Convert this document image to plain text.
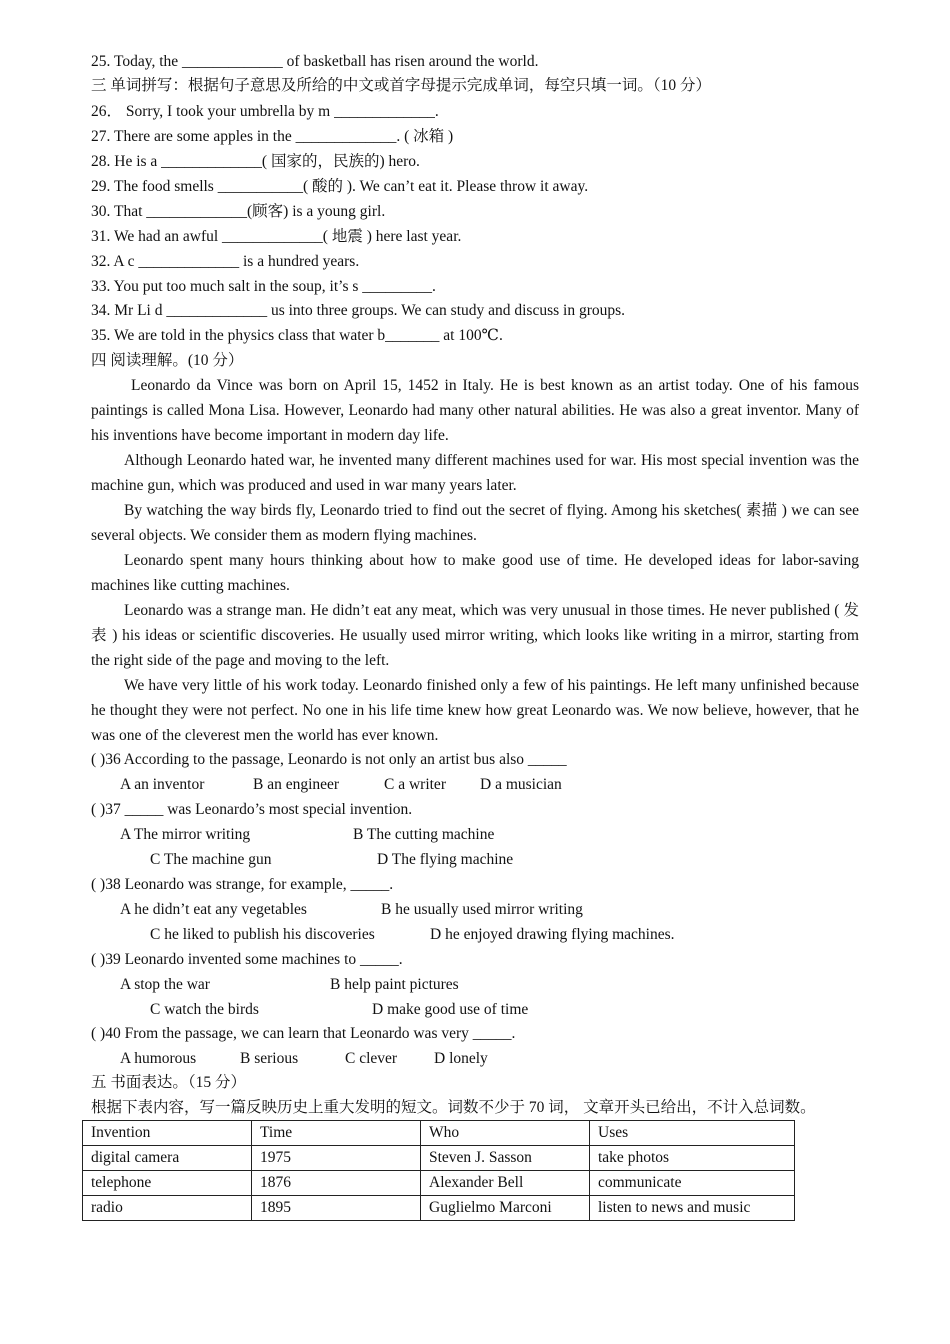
25. Today, the _____________ of basketball has risen around the world.
三 单词拼写：根据句子意思及所给的中文或首字母提示完成单词，每空只填一词。（10 分）
26． Sorry, I took your umbrella by m _____________.
27. There are some apples in the _____________. ( 冰箱 )
28. He is a _____________( 国家的，民族的) hero.
29. The food smells ___________( 酸的 ). We can’t eat it. Please throw it away.
30. That _____________(顾客) is a young girl.
31. We had an awful _____________( 地震 ) here last year.
32. A c _____________ is a hundred years.
33. You put too much salt in the soup, it’s s _________.
34. Mr Li d _____________ us into three groups. We can study and discuss in groups.
35. We are told in the physics class that water b_______ at 100℃.
四 阅读理解。(10 分）

Leonardo da Vince was born on April 15, 1452 in Italy. He is best known as an artist today. One of his famous paintings is called Mona Lisa. However, Leonardo had many other natural abilities. He was also a great inventor. Many of his inventions have become important in modern day life.

Although Leonardo hated war, he invented many different machines used for war. His most special invention was the machine gun, which was produced and used in war many years later.

By watching the way birds fly, Leonardo tried to find out the secret of flying. Among his sketches( 素描 ) we can see several objects. We consider them as modern flying machines.

Leonardo spent many hours thinking about how to make good use of time. He developed ideas for labor-saving machines like cutting machines.

Leonardo was a strange man. He didn’t eat any meat, which was very unusual in those times. He never published ( 发表 ) his ideas or scientific discoveries. He usually used mirror writing, which looks like writing in a mirror, starting from the right side of the page and moving to the left.

We have very little of his work today. Leonardo finished only a few of his paintings. He left many unfinished because he thought they were not perfect. No one in his life time knew how great Leonardo was. We now believe, however, that he was one of the cleverest men the world has ever known.

( )36 According to the passage, Leonardo is not only an artist bus also _____
A an inventor	B an engineer	C a writer D a musician
( )37 _____ was Leonardo’s most special invention.
A The mirror writing	B The cutting machine
C The machine gun	D The flying machine
( )38 Leonardo was strange, for example, _____.
A he didn’t eat any vegetables	B he usually used mirror writing
C he liked to publish his discoveries	D he enjoyed drawing flying machines.
( )39 Leonardo invented some machines to _____.
A stop the war	B help paint pictures
C watch the birds	D make good use of time
( )40 From the passage, we can learn that Leonardo was very _____.
A humorous	B serious	C clever D lonely
五 书面表达。（15 分）
根据下表内容，写一篇反映历史上重大发明的短文。词数不少于 70 词， 文章开头已给出，不计入总词数。
Invention	Time	Who	Uses
digital camera	1975	Steven J. Sasson	take photos
telephone	1876	Alexander Bell	communicate
radio	1895	Guglielmo Marconi	listen to news and music
